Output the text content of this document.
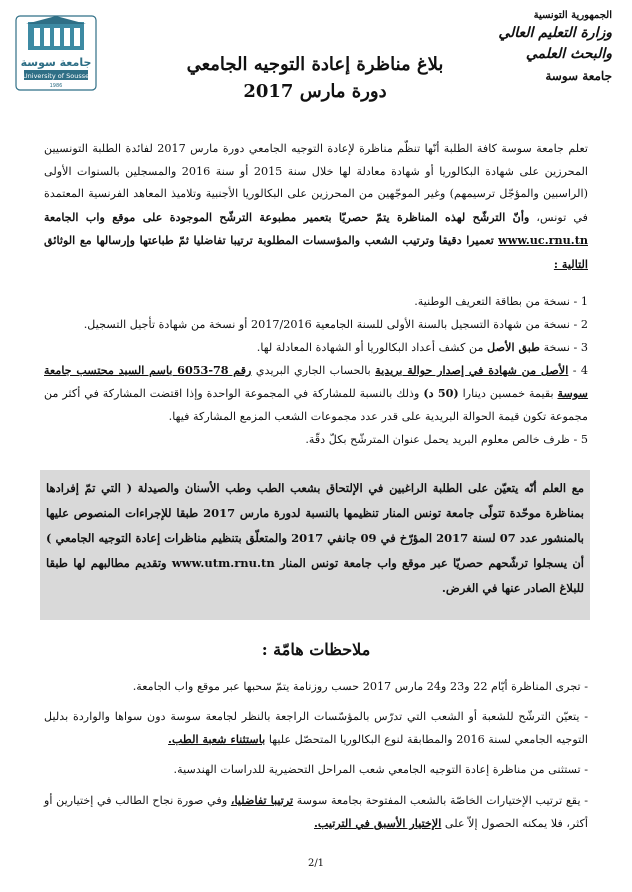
جامعة سوسة
University of Sousse
1986
الجمهورية التونسية
وزارة التعليم العالي
والبحث العلمي
جامعة سوسة
بلاغ مناظرة إعادة التوجيه الجامعي
دورة مارس 2017
تعلم جامعة سوسة كافة الطلبة أنّها تنظّم مناظرة لإعادة التوجيه الجامعي دورة مارس 2017 لفائدة الطلبة التونسيين المحرزين على شهادة البكالوريا أو شهادة معادلة لها خلال سنة 2015 أو سنة 2016 والمسجلين بالسنوات الأولى (الراسبين والمؤجّل ترسيمهم) وغير الموجّهين من المحرزين على البكالوريا الأجنبية وتلاميذ المعاهد الفرنسية المعتمدة في تونس، وأنّ الترشّح لهذه المناظرة يتمّ حصريّا بتعمير مطبوعة الترشّح الموجودة على موقع واب الجامعة www.uc.rnu.tn تعميرا دقيقا وترتيب الشعب والمؤسسات المطلوبة ترتيبا تفاضليا ثمّ طباعتها وإرسالها مع الوثائق التالية :
1 - نسخة من بطاقة التعريف الوطنية.
2 - نسخة من شهادة التسجيل بالسنة الأولى للسنة الجامعية 2017/2016 أو نسخة من شهادة تأجيل التسجيل.
3 - نسخة طبق الأصل من كشف أعداد البكالوريا أو الشهادة المعادلة لها.
4 - الأصل من شهادة في إصدار حوالة بريدية بالحساب الجاري البريدي رقم 78-6053 باسم السيد محتسب جامعة سوسة بقيمة خمسين دينارا (50 د) وذلك بالنسبة للمشاركة في المجموعة الواحدة وإذا اقتضت المشاركة في أكثر من مجموعة تكون قيمة الحوالة البريدية على قدر عدد مجموعات الشعب المزمع المشاركة فيها.
5 - ظرف خالص معلوم البريد يحمل عنوان المترشّح بكلّ دقّة.
مع العلم أنّه يتعيّن على الطلبة الراغبين في الإلتحاق بشعب الطب وطب الأسنان والصيدلة ( التي تمّ إفرادها بمناظرة موحّدة تتولّى جامعة تونس المنار تنظيمها بالنسبة لدورة مارس 2017 طبقا للإجراءات المنصوص عليها بالمنشور عدد 07 لسنة 2017 المؤرّخ في 09 جانفي 2017 والمتعلّق بتنظيم مناظرات إعادة التوجيه الجامعي ) أن يسجلوا ترشّحهم حصريّا عبر موقع واب جامعة تونس المنار www.utm.rnu.tn وتقديم مطالبهم لها طبقا للبلاغ الصادر عنها في الغرض.
ملاحظات هامّة :
- تجرى المناظرة أيّام 22 و23 و24 مارس 2017 حسب روزنامة يتمّ سحبها عبر موقع واب الجامعة.
- يتعيّن الترشّح للشعبة أو الشعب التي تدرّس بالمؤسّسات الراجعة بالنظر لجامعة سوسة دون سواها والواردة بدليل التوجيه الجامعي لسنة 2016 والمطابقة لنوع البكالوريا المتحصّل عليها باستثناء شعبة الطب.
- تستثنى من مناظرة إعادة التوجيه الجامعي شعب المراحل التحضيرية للدراسات الهندسية.
- يقع ترتيب الإختيارات الخاصّة بالشعب المفتوحة بجامعة سوسة ترتيبا تفاضليا، وفي صورة نجاح الطالب في إختيارين أو أكثر، فلا يمكنه الحصول إلاّ على الإختيار الأسبق في الترتيب.
2/1
